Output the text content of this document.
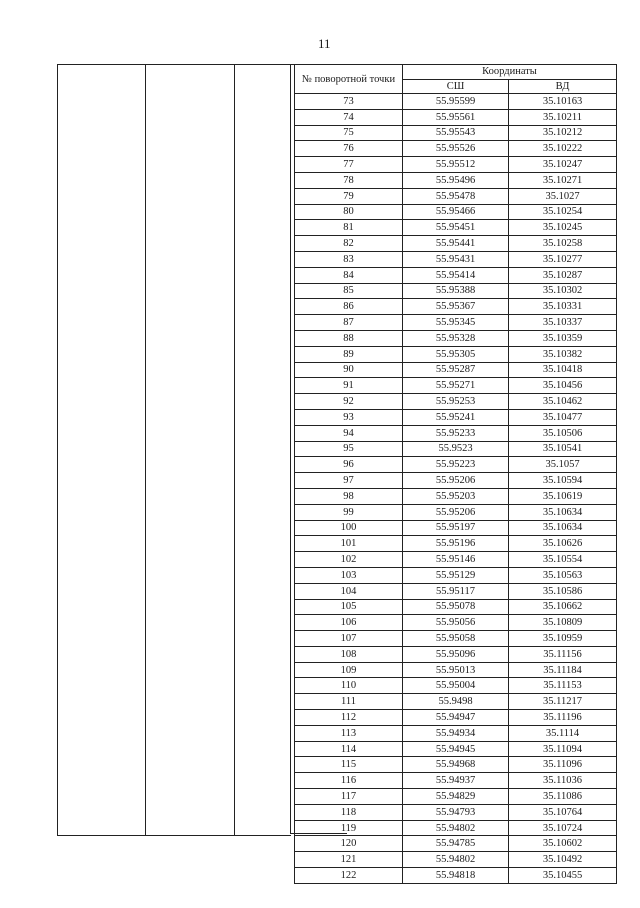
11
№ поворотной точки	Координаты	
	СШ	ВД
73	55.95599	35.10163
74	55.95561	35.10211
75	55.95543	35.10212
76	55.95526	35.10222
77	55.95512	35.10247
78	55.95496	35.10271
79	55.95478	35.1027
80	55.95466	35.10254
81	55.95451	35.10245
82	55.95441	35.10258
83	55.95431	35.10277
84	55.95414	35.10287
85	55.95388	35.10302
86	55.95367	35.10331
87	55.95345	35.10337
88	55.95328	35.10359
89	55.95305	35.10382
90	55.95287	35.10418
91	55.95271	35.10456
92	55.95253	35.10462
93	55.95241	35.10477
94	55.95233	35.10506
95	55.9523	35.10541
96	55.95223	35.1057
97	55.95206	35.10594
98	55.95203	35.10619
99	55.95206	35.10634
100	55.95197	35.10634
101	55.95196	35.10626
102	55.95146	35.10554
103	55.95129	35.10563
104	55.95117	35.10586
105	55.95078	35.10662
106	55.95056	35.10809
107	55.95058	35.10959
108	55.95096	35.11156
109	55.95013	35.11184
110	55.95004	35.11153
111	55.9498	35.11217
112	55.94947	35.11196
113	55.94934	35.1114
114	55.94945	35.11094
115	55.94968	35.11096
116	55.94937	35.11036
117	55.94829	35.11086
118	55.94793	35.10764
119	55.94802	35.10724
120	55.94785	35.10602
121	55.94802	35.10492
122	55.94818	35.10455
